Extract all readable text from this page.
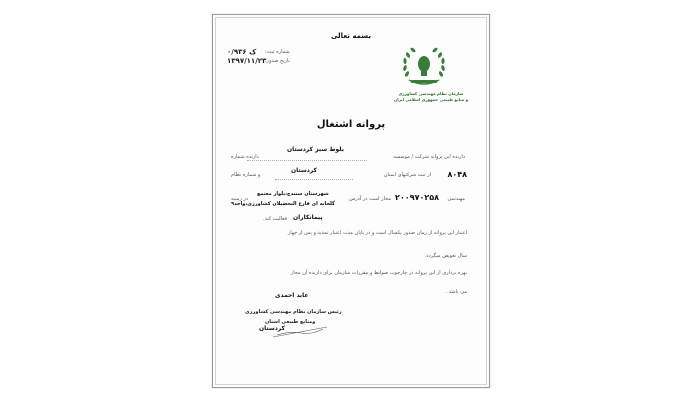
بسمه تعالی
سازمان نظام مهندسی کشاورزی
و منابع طبیعی جمهوری اسلامی ایران
شماره ثبت:
۰/۹۳۶ ک
تاریخ صدور:
۱۳۹۷/۱۱/۲۳
پروانه اشتغال
دارنده این پروانه شرکت / موسسه
بلوط سبز کردستان
دارنده شماره
از ثبت شرکتهای استان ۸۰۴۸
کردستان
و شماره نظام
مهندسی
۲۰۰۹۷۰۲۵۸
مجاز است در آدرس
شهرستان سنندج،بلوار معتمع
در زمینه
گلخانه ای فارغ التحصیلان کشاورزی،واحد۹
پیمانکاران
فعالیت کند.
اعتبار این پروانه از زمان صدور یکسال است و در پایان مدت اعتبار تمدید و پس از چهار
سال تعویض میگردد.
بهره برداری از این پروانه در چارچوب ضوابط و مقررات سازمان برای دارنده آن مجاز
می باشد .
عابد احمدی
رئیس سازمان نظام مهندسی کشاورزی
ومنابع طبیعی استان
کردستان
